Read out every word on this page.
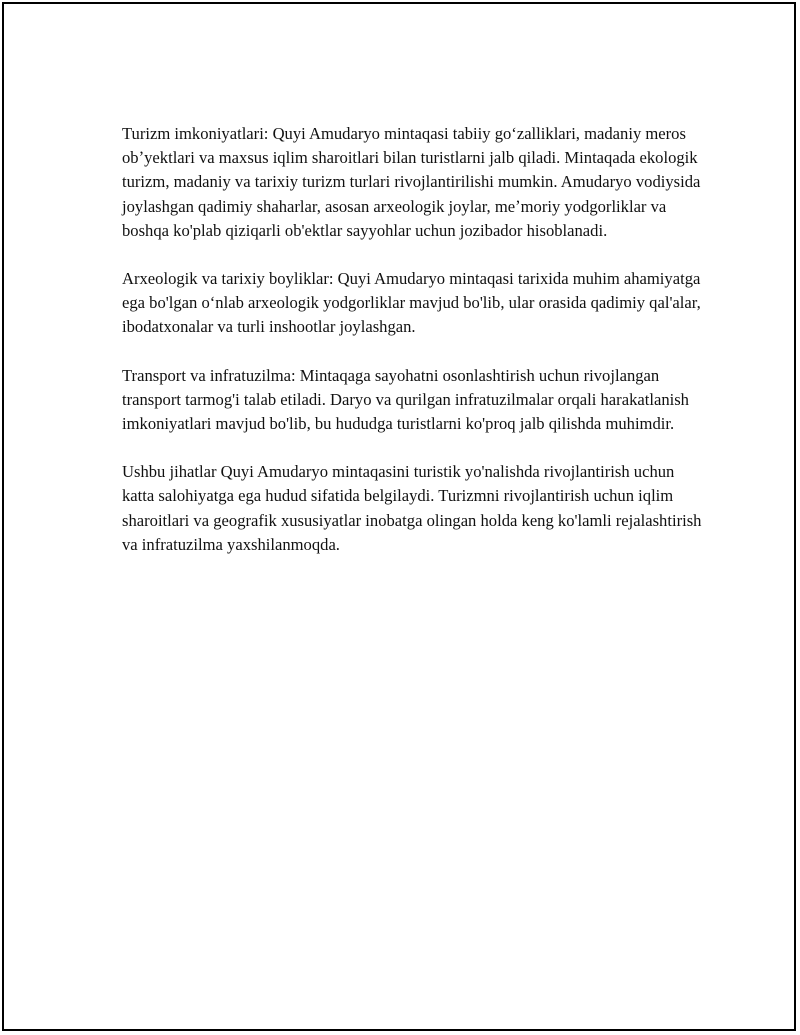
Turizm imkoniyatlari: Quyi Amudaryo mintaqasi tabiiy goʻzalliklari, madaniy meros obʼyektlari va maxsus iqlim sharoitlari bilan turistlarni jalb qiladi. Mintaqada ekologik turizm, madaniy va tarixiy turizm turlari rivojlantirilishi mumkin. Amudaryo vodiysida joylashgan qadimiy shaharlar, asosan arxeologik joylar, meʼmoriy yodgorliklar va boshqa ko'plab qiziqarli ob'ektlar sayyohlar uchun jozibador hisoblanadi.

Arxeologik va tarixiy boyliklar: Quyi Amudaryo mintaqasi tarixida muhim ahamiyatga ega bo'lgan oʻnlab arxeologik yodgorliklar mavjud bo'lib, ular orasida qadimiy qal'alar, ibodatxonalar va turli inshootlar joylashgan.

Transport va infratuzilma: Mintaqaga sayohatni osonlashtirish uchun rivojlangan transport tarmog'i talab etiladi. Daryo va qurilgan infratuzilmalar orqali harakatlanish imkoniyatlari mavjud bo'lib, bu hududga turistlarni ko'proq jalb qilishda muhimdir.

Ushbu jihatlar Quyi Amudaryo mintaqasini turistik yo'nalishda rivojlantirish uchun katta salohiyatga ega hudud sifatida belgilaydi. Turizmni rivojlantirish uchun iqlim sharoitlari va geografik xususiyatlar inobatga olingan holda keng ko'lamli rejalashtirish va infratuzilma yaxshilanmoqda.
